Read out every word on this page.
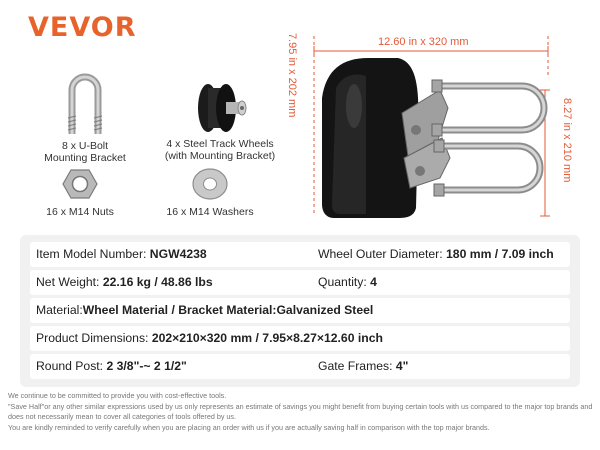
VEVOR
8 x U-Bolt
Mounting Bracket
4 x Steel Track Wheels
(with Mounting Bracket)
16 x M14 Nuts	16 x M14 Washers
12.60 in x 320 mm
7.95 in x 202 mm
8.27 in x 210 mm
Item Model Number: NGW4238	Wheel Outer Diameter: 180 mm / 7.09 inch
Net Weight: 22.16 kg / 48.86 lbs	Quantity: 4
Material:Wheel Material / Bracket Material:Galvanized Steel
Product Dimensions: 202×210×320 mm / 7.95×8.27×12.60 inch
Round Post: 2 3/8"-~ 2 1/2"	Gate Frames: 4"
We continue to be committed to provide you with cost-effective tools.
"Save Half"or any other similar expressions used by us only represents an estimate of savings you might benefit from buying certain tools with us compared to the major top brands and does not necessarily mean to cover all categories of tools offered by us.
You are kindly reminded to verify carefully when you are placing an order with us if you are actually saving half in comparison with the top major brands.
